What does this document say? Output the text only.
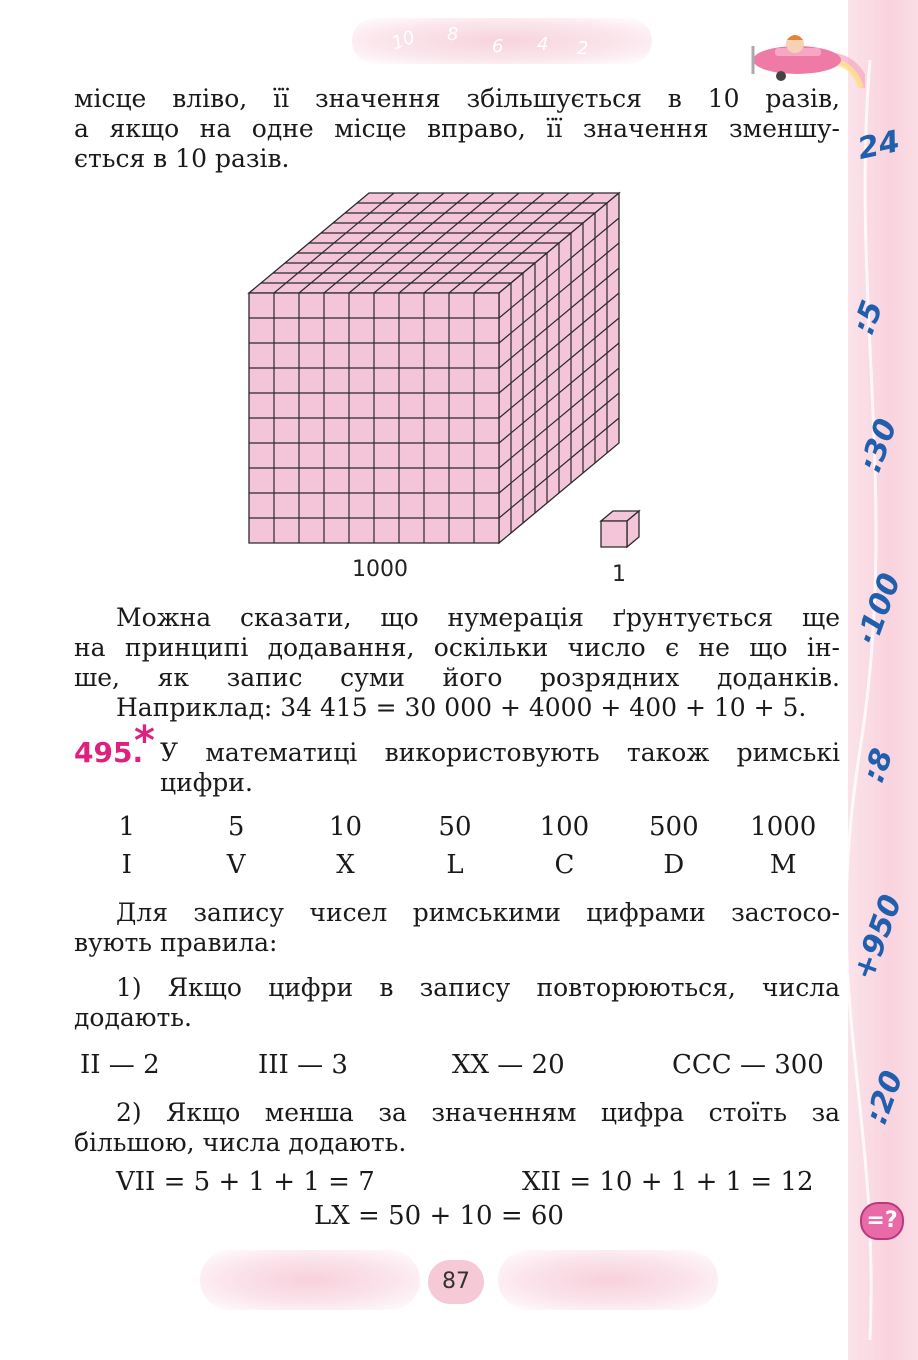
24
:5
:30
·100
:8
+950
:20
10 8
6 4 2
місце вліво, її значення збільшується в 10 разів,
а якщо на одне місце вправо, її значення зменшу-
ється в 10 разів.
1000	1
Можна сказати, що нумерація ґрунтується ще
на принципі додавання, оскільки число є не що ін-
ше, як запис суми його розрядних доданків.
Наприклад: 34 415 = 30 000 + 4000 + 400 + 10 + 5.
495.
* У математиці використовують також римські
цифри.
1	5	10	50	100	500	1000
I	V	X	L	C	D	M
Для запису чисел римськими цифрами застосо-
вують правила:
1) Якщо цифри в запису повторюються, числа
додають.
II — 2	III — 3	XX — 20	CCC — 300
2) Якщо менша за значенням цифра стоїть за
більшою, числа додають.
VII = 5 + 1 + 1 = 7	XII = 10 + 1 + 1 = 12
LX = 50 + 10 = 60	=?
87
